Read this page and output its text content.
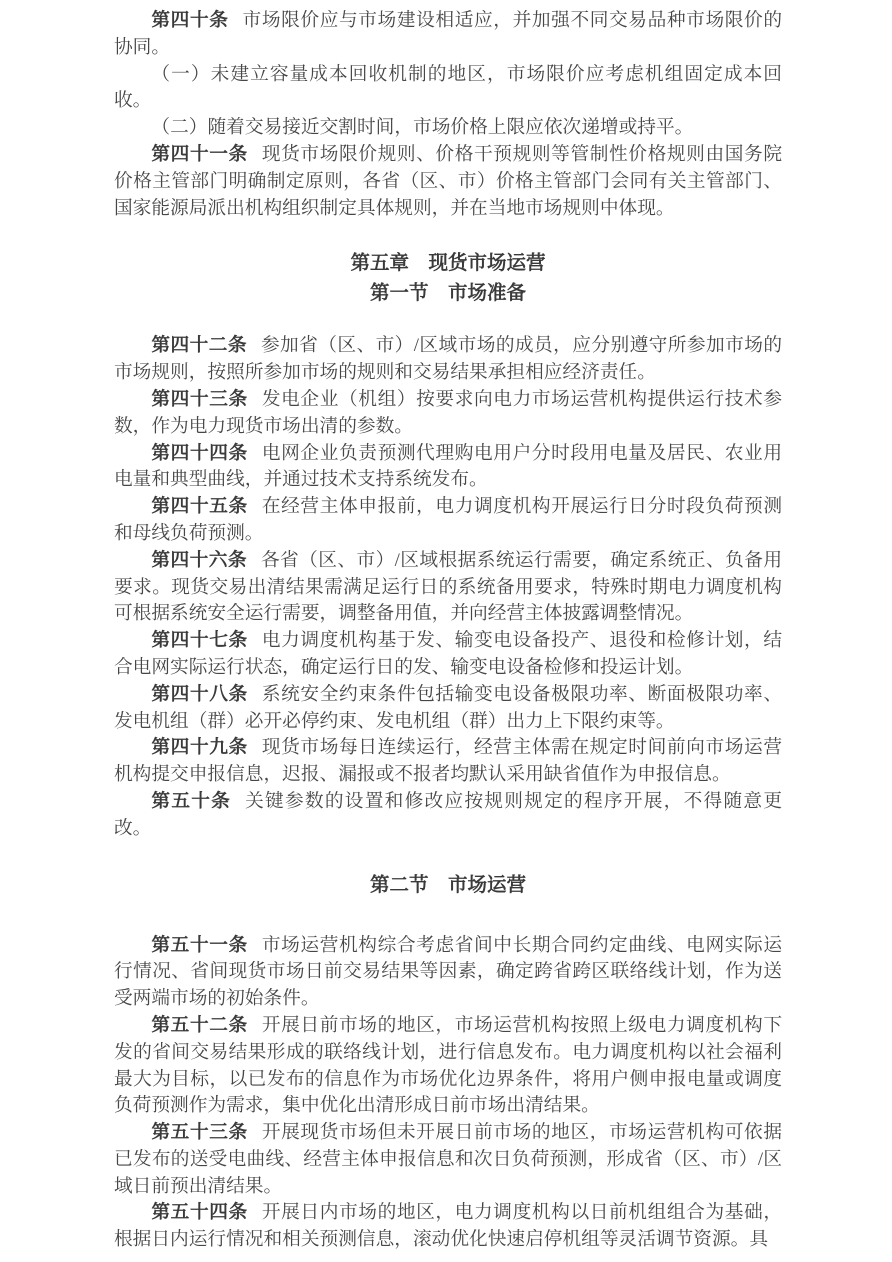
第四十条 市场限价应与市场建设相适应，并加强不同交易品种市场限价的协同。

（一）未建立容量成本回收机制的地区，市场限价应考虑机组固定成本回收。

（二）随着交易接近交割时间，市场价格上限应依次递增或持平。

第四十一条 现货市场限价规则、价格干预规则等管制性价格规则由国务院价格主管部门明确制定原则，各省（区、市）价格主管部门会同有关主管部门、国家能源局派出机构组织制定具体规则，并在当地市场规则中体现。

第五章　现货市场运营
第一节　市场准备

第四十二条 参加省（区、市）/区域市场的成员，应分别遵守所参加市场的市场规则，按照所参加市场的规则和交易结果承担相应经济责任。

第四十三条 发电企业（机组）按要求向电力市场运营机构提供运行技术参数，作为电力现货市场出清的参数。

第四十四条 电网企业负责预测代理购电用户分时段用电量及居民、农业用电量和典型曲线，并通过技术支持系统发布。

第四十五条 在经营主体申报前，电力调度机构开展运行日分时段负荷预测和母线负荷预测。

第四十六条 各省（区、市）/区域根据系统运行需要，确定系统正、负备用要求。现货交易出清结果需满足运行日的系统备用要求，特殊时期电力调度机构可根据系统安全运行需要，调整备用值，并向经营主体披露调整情况。

第四十七条 电力调度机构基于发、输变电设备投产、退役和检修计划，结合电网实际运行状态，确定运行日的发、输变电设备检修和投运计划。

第四十八条 系统安全约束条件包括输变电设备极限功率、断面极限功率、发电机组（群）必开必停约束、发电机组（群）出力上下限约束等。

第四十九条 现货市场每日连续运行，经营主体需在规定时间前向市场运营机构提交申报信息，迟报、漏报或不报者均默认采用缺省值作为申报信息。

第五十条 关键参数的设置和修改应按规则规定的程序开展，不得随意更改。

第二节　市场运营

第五十一条 市场运营机构综合考虑省间中长期合同约定曲线、电网实际运行情况、省间现货市场日前交易结果等因素，确定跨省跨区联络线计划，作为送受两端市场的初始条件。

第五十二条 开展日前市场的地区，市场运营机构按照上级电力调度机构下发的省间交易结果形成的联络线计划，进行信息发布。电力调度机构以社会福利最大为目标，以已发布的信息作为市场优化边界条件，将用户侧申报电量或调度负荷预测作为需求，集中优化出清形成日前市场出清结果。

第五十三条 开展现货市场但未开展日前市场的地区，市场运营机构可依据已发布的送受电曲线、经营主体申报信息和次日负荷预测，形成省（区、市）/区域日前预出清结果。

第五十四条 开展日内市场的地区，电力调度机构以日前机组组合为基础，根据日内运行情况和相关预测信息，滚动优化快速启停机组等灵活调节资源。具
